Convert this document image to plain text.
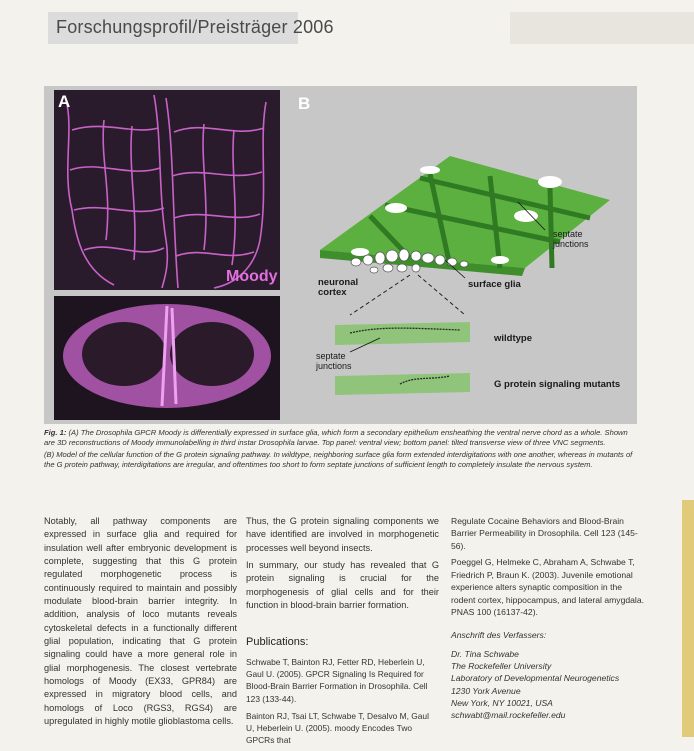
Forschungsprofil/Preisträger 2006
A
Moody
B
septate
junctions
neuronal
cortex
surface glia
wildtype
septate
junctions
G protein signaling mutants

Fig. 1: (A) The Drosophila GPCR Moody is differentially expressed in surface glia, which form a secondary epithelium ensheathing the ventral nerve chord as a whole. Shown are 3D reconstructions of Moody immunolabelling in third instar Drosophila larvae. Top panel: ventral view; bottom panel: tilted transverse view of three VNC segments.

(B) Model of the cellular function of the G protein signaling pathway. In wildtype, neighboring surface glia form extended interdigitations with one another, whereas in mutants of the G protein pathway, interdigitations are irregular, and oftentimes too short to form septate junctions of sufficient length to completely insulate the nervous system.

Notably, all pathway components are expressed in surface glia and required for insulation well after embryonic development is complete, suggesting that this G protein regulated morphogenetic process is continuously required to maintain and possibly modulate blood-brain barrier integrity. In addition, analysis of loco mutants reveals cytoskeletal defects in a functionally different glial population, indicating that G protein signaling could have a more general role in glial morphogenesis. The closest vertebrate homologs of Moody (EX33, GPR84) are expressed in migratory blood cells, and homologs of Loco (RGS3, RGS4) are upregulated in highly motile glioblastoma cells.

Thus, the G protein signaling components we have identified are involved in morphogenetic processes well beyond insects.

In summary, our study has revealed that G protein signaling is crucial for the morphogenesis of glial cells and for their function in blood-brain barrier formation.

Publications:

Schwabe T, Bainton RJ, Fetter RD, Heberlein U, Gaul U. (2005). GPCR Signaling Is Required for Blood-Brain Barrier Formation in Drosophila. Cell 123 (133-44).

Bainton RJ, Tsai LT, Schwabe T, Desalvo M, Gaul U, Heberlein U. (2005). moody Encodes Two GPCRs that

Regulate Cocaine Behaviors and Blood-Brain Barrier Permeability in Drosophila. Cell 123 (145-56).

Poeggel G, Helmeke C, Abraham A, Schwabe T, Friedrich P, Braun K. (2003). Juvenile emotional experience alters synaptic composition in the rodent cortex, hippocampus, and lateral amygdala. PNAS 100 (16137-42).

Anschrift des Verfassers:
Dr. Tina Schwabe
The Rockefeller University
Laboratory of Developmental Neurogenetics
1230 York Avenue
New York, NY 10021, USA
schwabt@mail.rockefeller.edu
